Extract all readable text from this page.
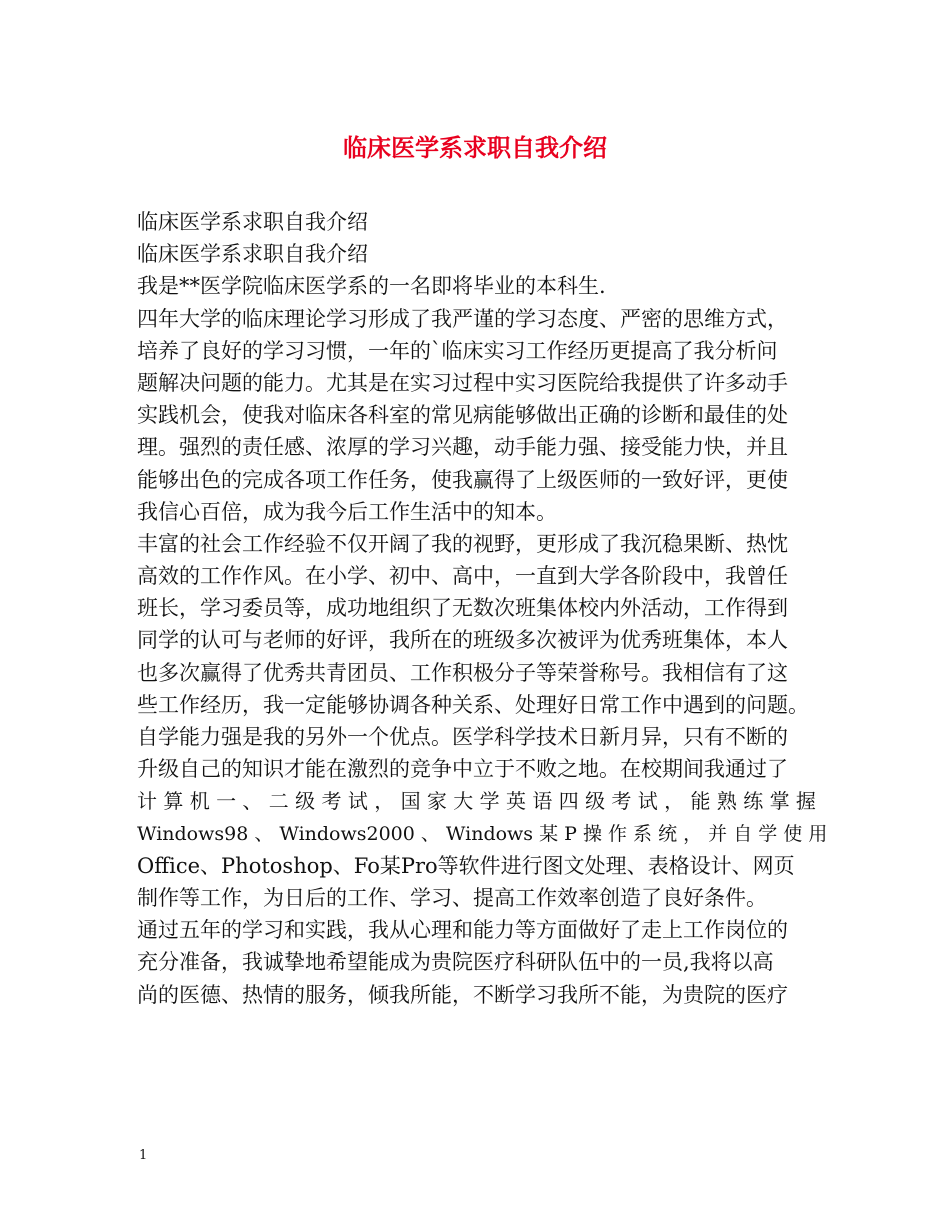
临床医学系求职自我介绍
临床医学系求职自我介绍
临床医学系求职自我介绍
我是**医学院临床医学系的一名即将毕业的本科生.
四年大学的临床理论学习形成了我严谨的学习态度、严密的思维方式，
培养了良好的学习习惯，一年的`临床实习工作经历更提高了我分析问
题解决问题的能力。尤其是在实习过程中实习医院给我提供了许多动手
实践机会，使我对临床各科室的常见病能够做出正确的诊断和最佳的处
理。强烈的责任感、浓厚的学习兴趣，动手能力强、接受能力快，并且
能够出色的完成各项工作任务，使我赢得了上级医师的一致好评，更使
我信心百倍，成为我今后工作生活中的知本。
丰富的社会工作经验不仅开阔了我的视野，更形成了我沉稳果断、热忱
高效的工作作风。在小学、初中、高中，一直到大学各阶段中，我曾任
班长，学习委员等，成功地组织了无数次班集体校内外活动，工作得到
同学的认可与老师的好评，我所在的班级多次被评为优秀班集体，本人
也多次赢得了优秀共青团员、工作积极分子等荣誉称号。我相信有了这
些工作经历，我一定能够协调各种关系、处理好日常工作中遇到的问题。
自学能力强是我的另外一个优点。医学科学技术日新月异，只有不断的
升级自己的知识才能在激烈的竞争中立于不败之地。在校期间我通过了
计 算 机 一 、 二 级 考 试 ， 国 家 大 学 英 语 四 级 考 试 ， 能 熟 练 掌 握
Windows98 、 Windows2000 、 Windows 某 P 操 作 系 统 ， 并 自 学 使 用
Office、Photoshop、Fo某Pro等软件进行图文处理、表格设计、网页
制作等工作，为日后的工作、学习、提高工作效率创造了良好条件。
通过五年的学习和实践，我从心理和能力等方面做好了走上工作岗位的
充分准备，我诚挚地希望能成为贵院医疗科研队伍中的一员,我将以高
尚的医德、热情的服务，倾我所能，不断学习我所不能，为贵院的医疗
1
